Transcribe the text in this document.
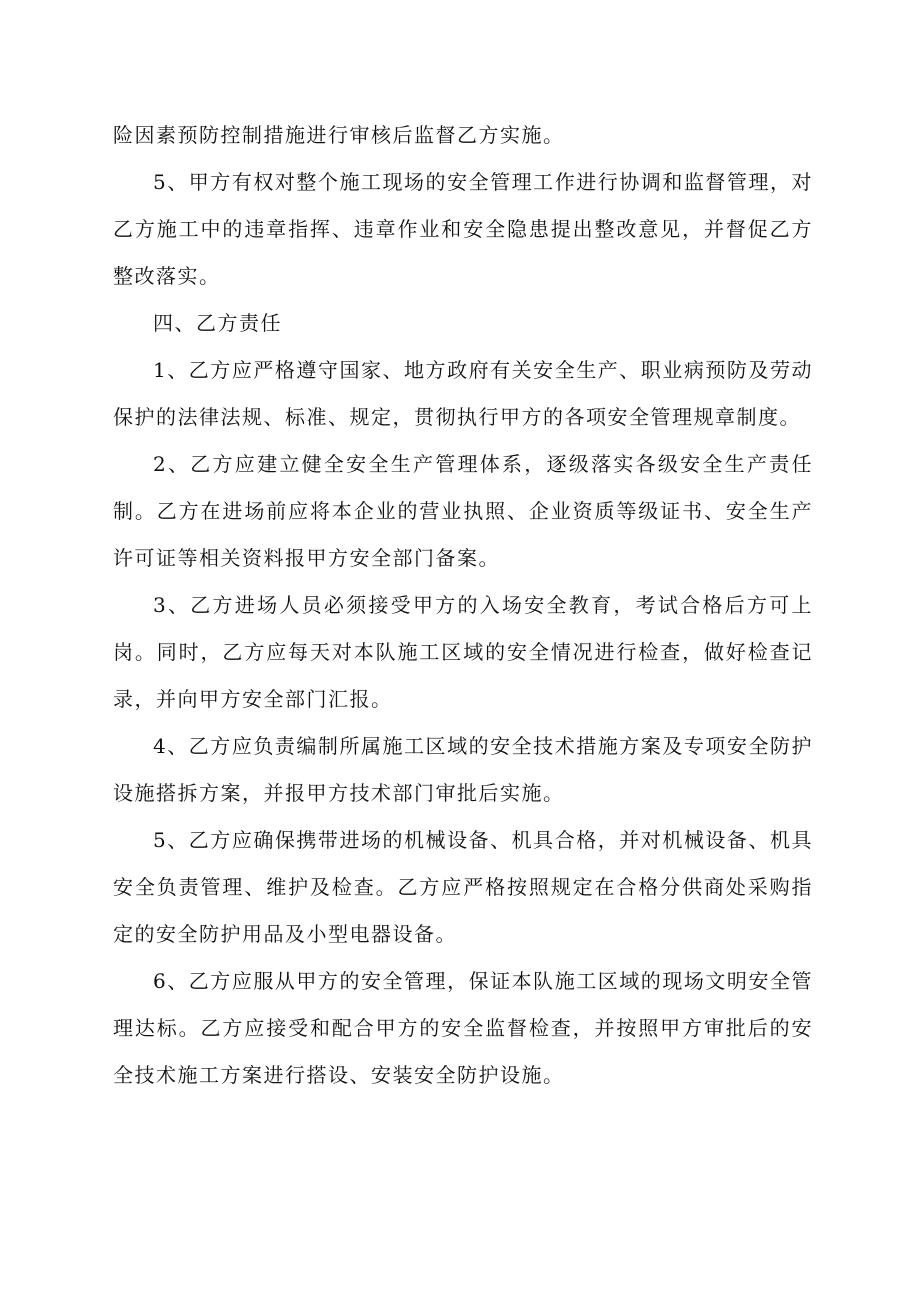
险因素预防控制措施进行审核后监督乙方实施。

5、甲方有权对整个施工现场的安全管理工作进行协调和监督管理，对乙方施工中的违章指挥、违章作业和安全隐患提出整改意见，并督促乙方整改落实。

四、乙方责任

1、乙方应严格遵守国家、地方政府有关安全生产、职业病预防及劳动保护的法律法规、标准、规定，贯彻执行甲方的各项安全管理规章制度。

2、乙方应建立健全安全生产管理体系，逐级落实各级安全生产责任制。乙方在进场前应将本企业的营业执照、企业资质等级证书、安全生产许可证等相关资料报甲方安全部门备案。

3、乙方进场人员必须接受甲方的入场安全教育，考试合格后方可上岗。同时，乙方应每天对本队施工区域的安全情况进行检查，做好检查记录，并向甲方安全部门汇报。

4、乙方应负责编制所属施工区域的安全技术措施方案及专项安全防护设施搭拆方案，并报甲方技术部门审批后实施。

5、乙方应确保携带进场的机械设备、机具合格，并对机械设备、机具安全负责管理、维护及检查。乙方应严格按照规定在合格分供商处采购指定的安全防护用品及小型电器设备。

6、乙方应服从甲方的安全管理，保证本队施工区域的现场文明安全管理达标。乙方应接受和配合甲方的安全监督检查，并按照甲方审批后的安全技术施工方案进行搭设、安装安全防护设施。
